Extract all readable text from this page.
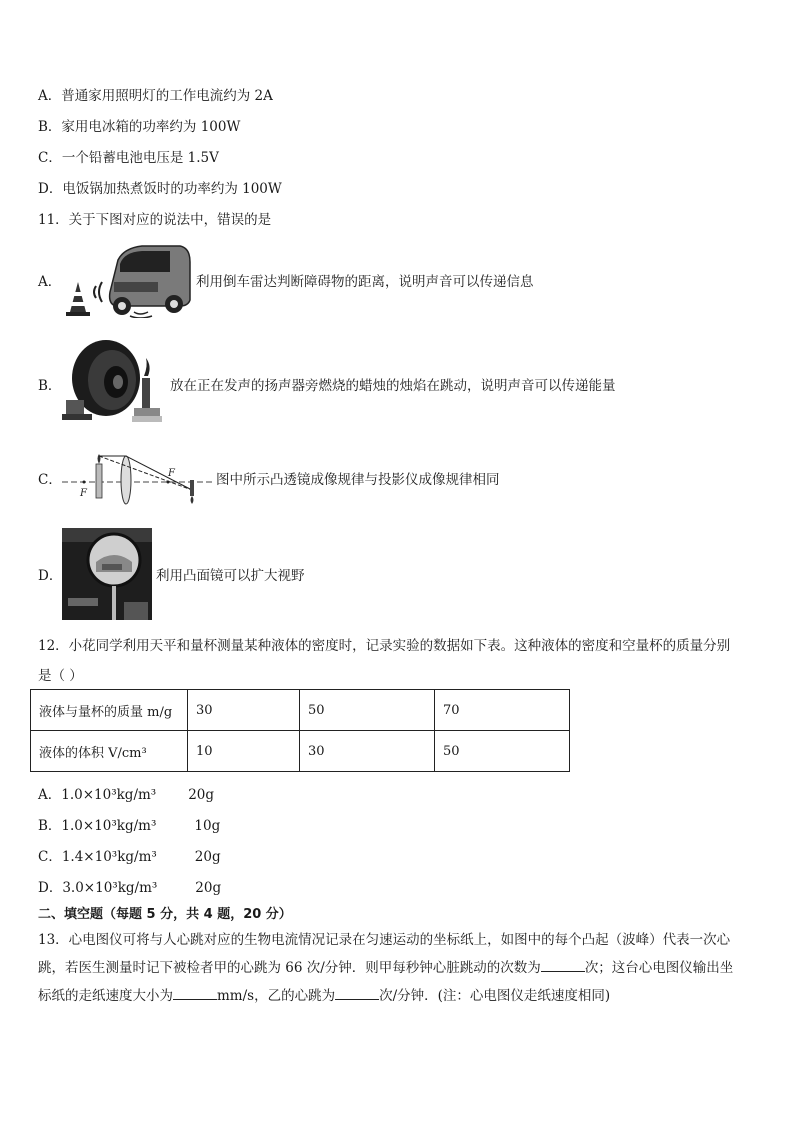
A．普通家用照明灯的工作电流约为 2A
B．家用电冰箱的功率约为 100W
C．一个铅蓄电池电压是 1.5V
D．电饭锅加热煮饭时的功率约为 100W
11．关于下图对应的说法中，错误的是
A．	利用倒车雷达判断障碍物的距离，说明声音可以传递信息
B．	放在正在发声的扬声器旁燃烧的蜡烛的烛焰在跳动，说明声音可以传递能量
C．
F
F	图中所示凸透镜成像规律与投影仪成像规律相同
D．	利用凸面镜可以扩大视野
12．小花同学利用天平和量杯测量某种液体的密度时，记录实验的数据如下表。这种液体的密度和空量杯的质量分别
是（ ）
液体与量杯的质量 m/g	30	50	70
液体的体积 V/cm³	10	30	50
A．1.0×10³kg/m³ 20g
B．1.0×10³kg/m³	10g
C．1.4×10³kg/m³	20g
D．3.0×10³kg/m³	20g
二、填空题（每题 5 分，共 4 题，20 分）
13．心电图仪可将与人心跳对应的生物电流情况记录在匀速运动的坐标纸上，如图中的每个凸起（波峰）代表一次心
跳，若医生测量时记下被检者甲的心跳为 66 次/分钟．则甲每秒钟心脏跳动的次数为	次；这台心电图仪输出坐
标纸的走纸速度大小为	mm/s，乙的心跳为	次/分钟．(注：心电图仪走纸速度相同)
